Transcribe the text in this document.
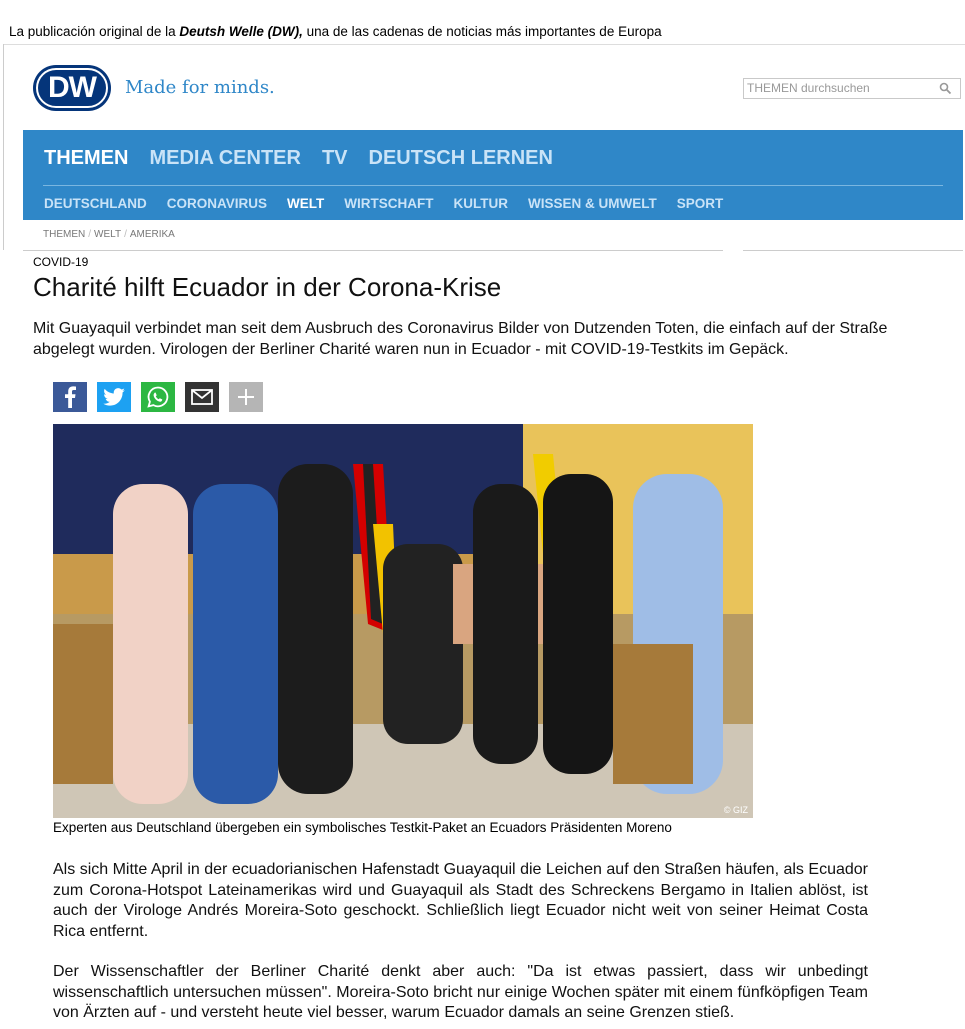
La publicación original de la Deutsh Welle (DW), una de las cadenas de noticias más importantes de Europa
DW Made for minds.
THEMEN durchsuchen
THEMEN MEDIA CENTER TV DEUTSCH LERNEN
DEUTSCHLAND CORONAVIRUS WELT WIRTSCHAFT KULTUR WISSEN & UMWELT SPORT
THEMEN / WELT / AMERIKA
COVID-19
Charité hilft Ecuador in der Corona-Krise
Mit Guayaquil verbindet man seit dem Ausbruch des Coronavirus Bilder von Dutzenden Toten, die einfach auf der Straße abgelegt wurden. Virologen der Berliner Charité waren nun in Ecuador - mit COVID-19-Testkits im Gepäck.
© GIZ
Experten aus Deutschland übergeben ein symbolisches Testkit-Paket an Ecuadors Präsidenten Moreno
Als sich Mitte April in der ecuadorianischen Hafenstadt Guayaquil die Leichen auf den Straßen häufen, als Ecuador zum Corona-Hotspot Lateinamerikas wird und Guayaquil als Stadt des Schreckens Bergamo in Italien ablöst, ist auch der Virologe Andrés Moreira-Soto geschockt. Schließlich liegt Ecuador nicht weit von seiner Heimat Costa Rica entfernt.
Der Wissenschaftler der Berliner Charité denkt aber auch: "Da ist etwas passiert, dass wir unbedingt wissenschaftlich untersuchen müssen". Moreira-Soto bricht nur einige Wochen später mit einem fünfköpfigen Team von Ärzten auf - und versteht heute viel besser, warum Ecuador damals an seine Grenzen stieß.
